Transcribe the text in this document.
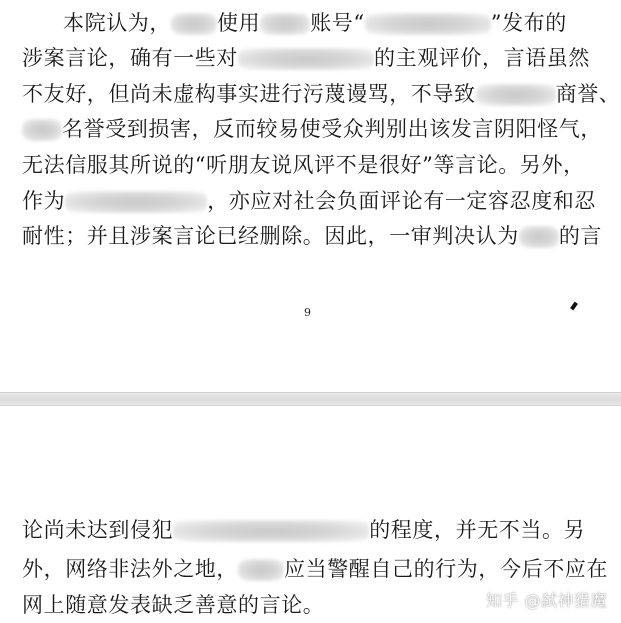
本院认为， 使用 账号“	”发布的
涉案言论，确有一些对	的主观评价，言语虽然
不友好，但尚未虚构事实进行污蔑谩骂，不导致	商誉、
名誉受到损害，反而较易使受众判别出该发言阴阳怪气，
无法信服其所说的“听朋友说风评不是很好”等言论。另外，
作为	，亦应对社会负面评论有一定容忍度和忍
耐性；并且涉案言论已经删除。因此，一审判决认为 的言
9
论尚未达到侵犯	的程度，并无不当。另
外，网络非法外之地， 应当警醒自己的行为，今后不应在
网上随意发表缺乏善意的言论。	知乎 @弑神猎魔
